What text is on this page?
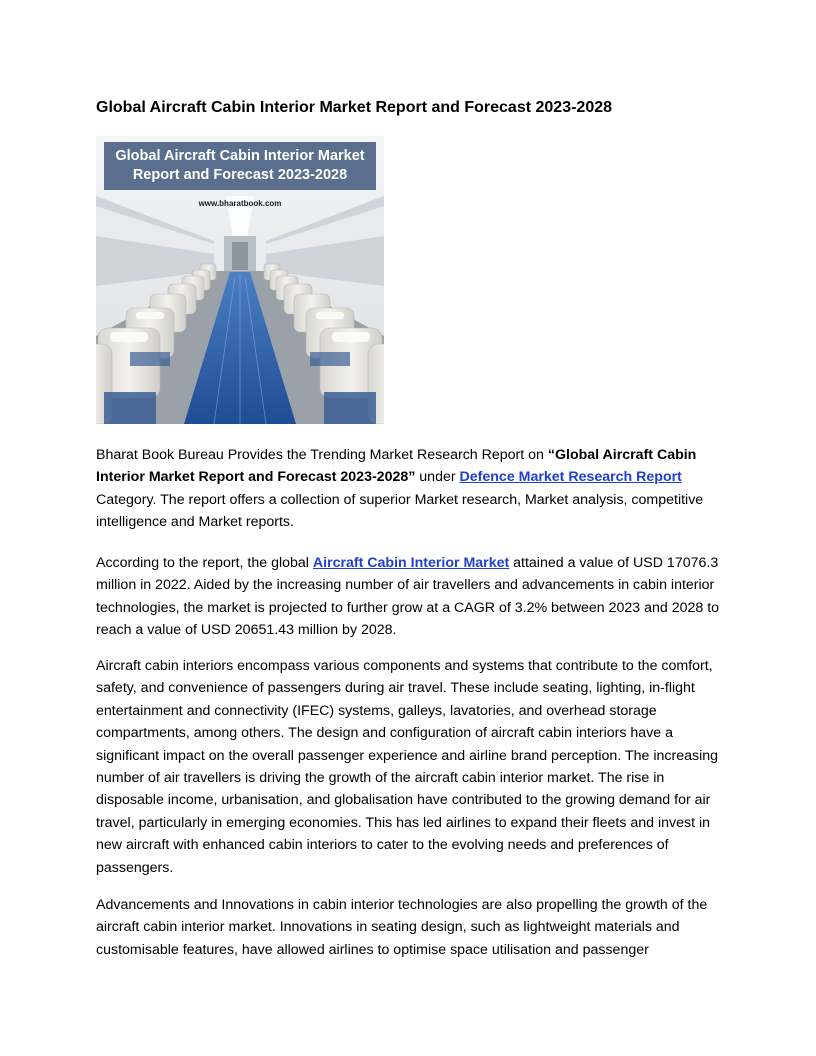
Global Aircraft Cabin Interior Market Report and Forecast 2023-2028
Global Aircraft Cabin Interior Market
Report and Forecast 2023-2028
www.bharatbook.com

Bharat Book Bureau Provides the Trending Market Research Report on “Global Aircraft Cabin Interior Market Report and Forecast 2023-2028” under Defence Market Research Report Category. The report offers a collection of superior Market research, Market analysis, competitive intelligence and Market reports.

According to the report, the global Aircraft Cabin Interior Market attained a value of USD 17076.3 million in 2022. Aided by the increasing number of air travellers and advancements in cabin interior technologies, the market is projected to further grow at a CAGR of 3.2% between 2023 and 2028 to reach a value of USD 20651.43 million by 2028.

Aircraft cabin interiors encompass various components and systems that contribute to the comfort, safety, and convenience of passengers during air travel. These include seating, lighting, in-flight entertainment and connectivity (IFEC) systems, galleys, lavatories, and overhead storage compartments, among others. The design and configuration of aircraft cabin interiors have a significant impact on the overall passenger experience and airline brand perception. The increasing number of air travellers is driving the growth of the aircraft cabin interior market. The rise in disposable income, urbanisation, and globalisation have contributed to the growing demand for air travel, particularly in emerging economies. This has led airlines to expand their fleets and invest in new aircraft with enhanced cabin interiors to cater to the evolving needs and preferences of passengers.

Advancements and Innovations in cabin interior technologies are also propelling the growth of the aircraft cabin interior market. Innovations in seating design, such as lightweight materials and customisable features, have allowed airlines to optimise space utilisation and passenger
